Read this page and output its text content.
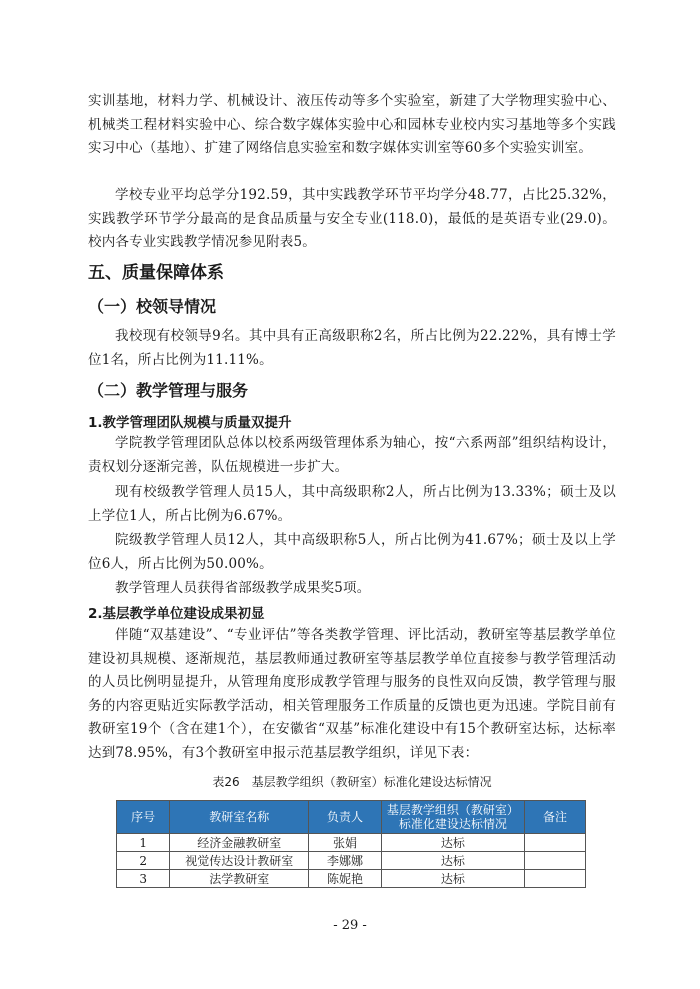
实训基地，材料力学、机械设计、液压传动等多个实验室，新建了大学物理实验中心、机械类工程材料实验中心、综合数字媒体实验中心和园林专业校内实习基地等多个实践实习中心（基地）、扩建了网络信息实验室和数字媒体实训室等60多个实验实训室。

学校专业平均总学分192.59，其中实践教学环节平均学分48.77，占比25.32%，实践教学环节学分最高的是食品质量与安全专业(118.0)，最低的是英语专业(29.0)。校内各专业实践教学情况参见附表5。

五、质量保障体系
（一）校领导情况

我校现有校领导9名。其中具有正高级职称2名，所占比例为22.22%，具有博士学位1名，所占比例为11.11%。

（二）教学管理与服务
1.教学管理团队规模与质量双提升

学院教学管理团队总体以校系两级管理体系为轴心，按“六系两部”组织结构设计，责权划分逐渐完善，队伍规模进一步扩大。

现有校级教学管理人员15人，其中高级职称2人，所占比例为13.33%；硕士及以上学位1人，所占比例为6.67%。

院级教学管理人员12人，其中高级职称5人，所占比例为41.67%；硕士及以上学位6人，所占比例为50.00%。

教学管理人员获得省部级教学成果奖5项。

2.基层教学单位建设成果初显

伴随“双基建设”、“专业评估”等各类教学管理、评比活动，教研室等基层教学单位建设初具规模、逐渐规范，基层教师通过教研室等基层教学单位直接参与教学管理活动的人员比例明显提升，从管理角度形成教学管理与服务的良性双向反馈，教学管理与服务的内容更贴近实际教学活动，相关管理服务工作质量的反馈也更为迅速。学院目前有教研室19个（含在建1个），在安徽省“双基”标准化建设中有15个教研室达标，达标率达到78.95%，有3个教研室申报示范基层教学组织，详见下表：

表26　基层教学组织（教研室）标准化建设达标情况

序号	教研室名称	负责人	基层教学组织（教研室）标准化建设达标情况	备注
1	经济金融教研室	张娟	达标	
2	视觉传达设计教研室	李娜娜	达标	
3	法学教研室	陈妮艳	达标	

- 29 -
